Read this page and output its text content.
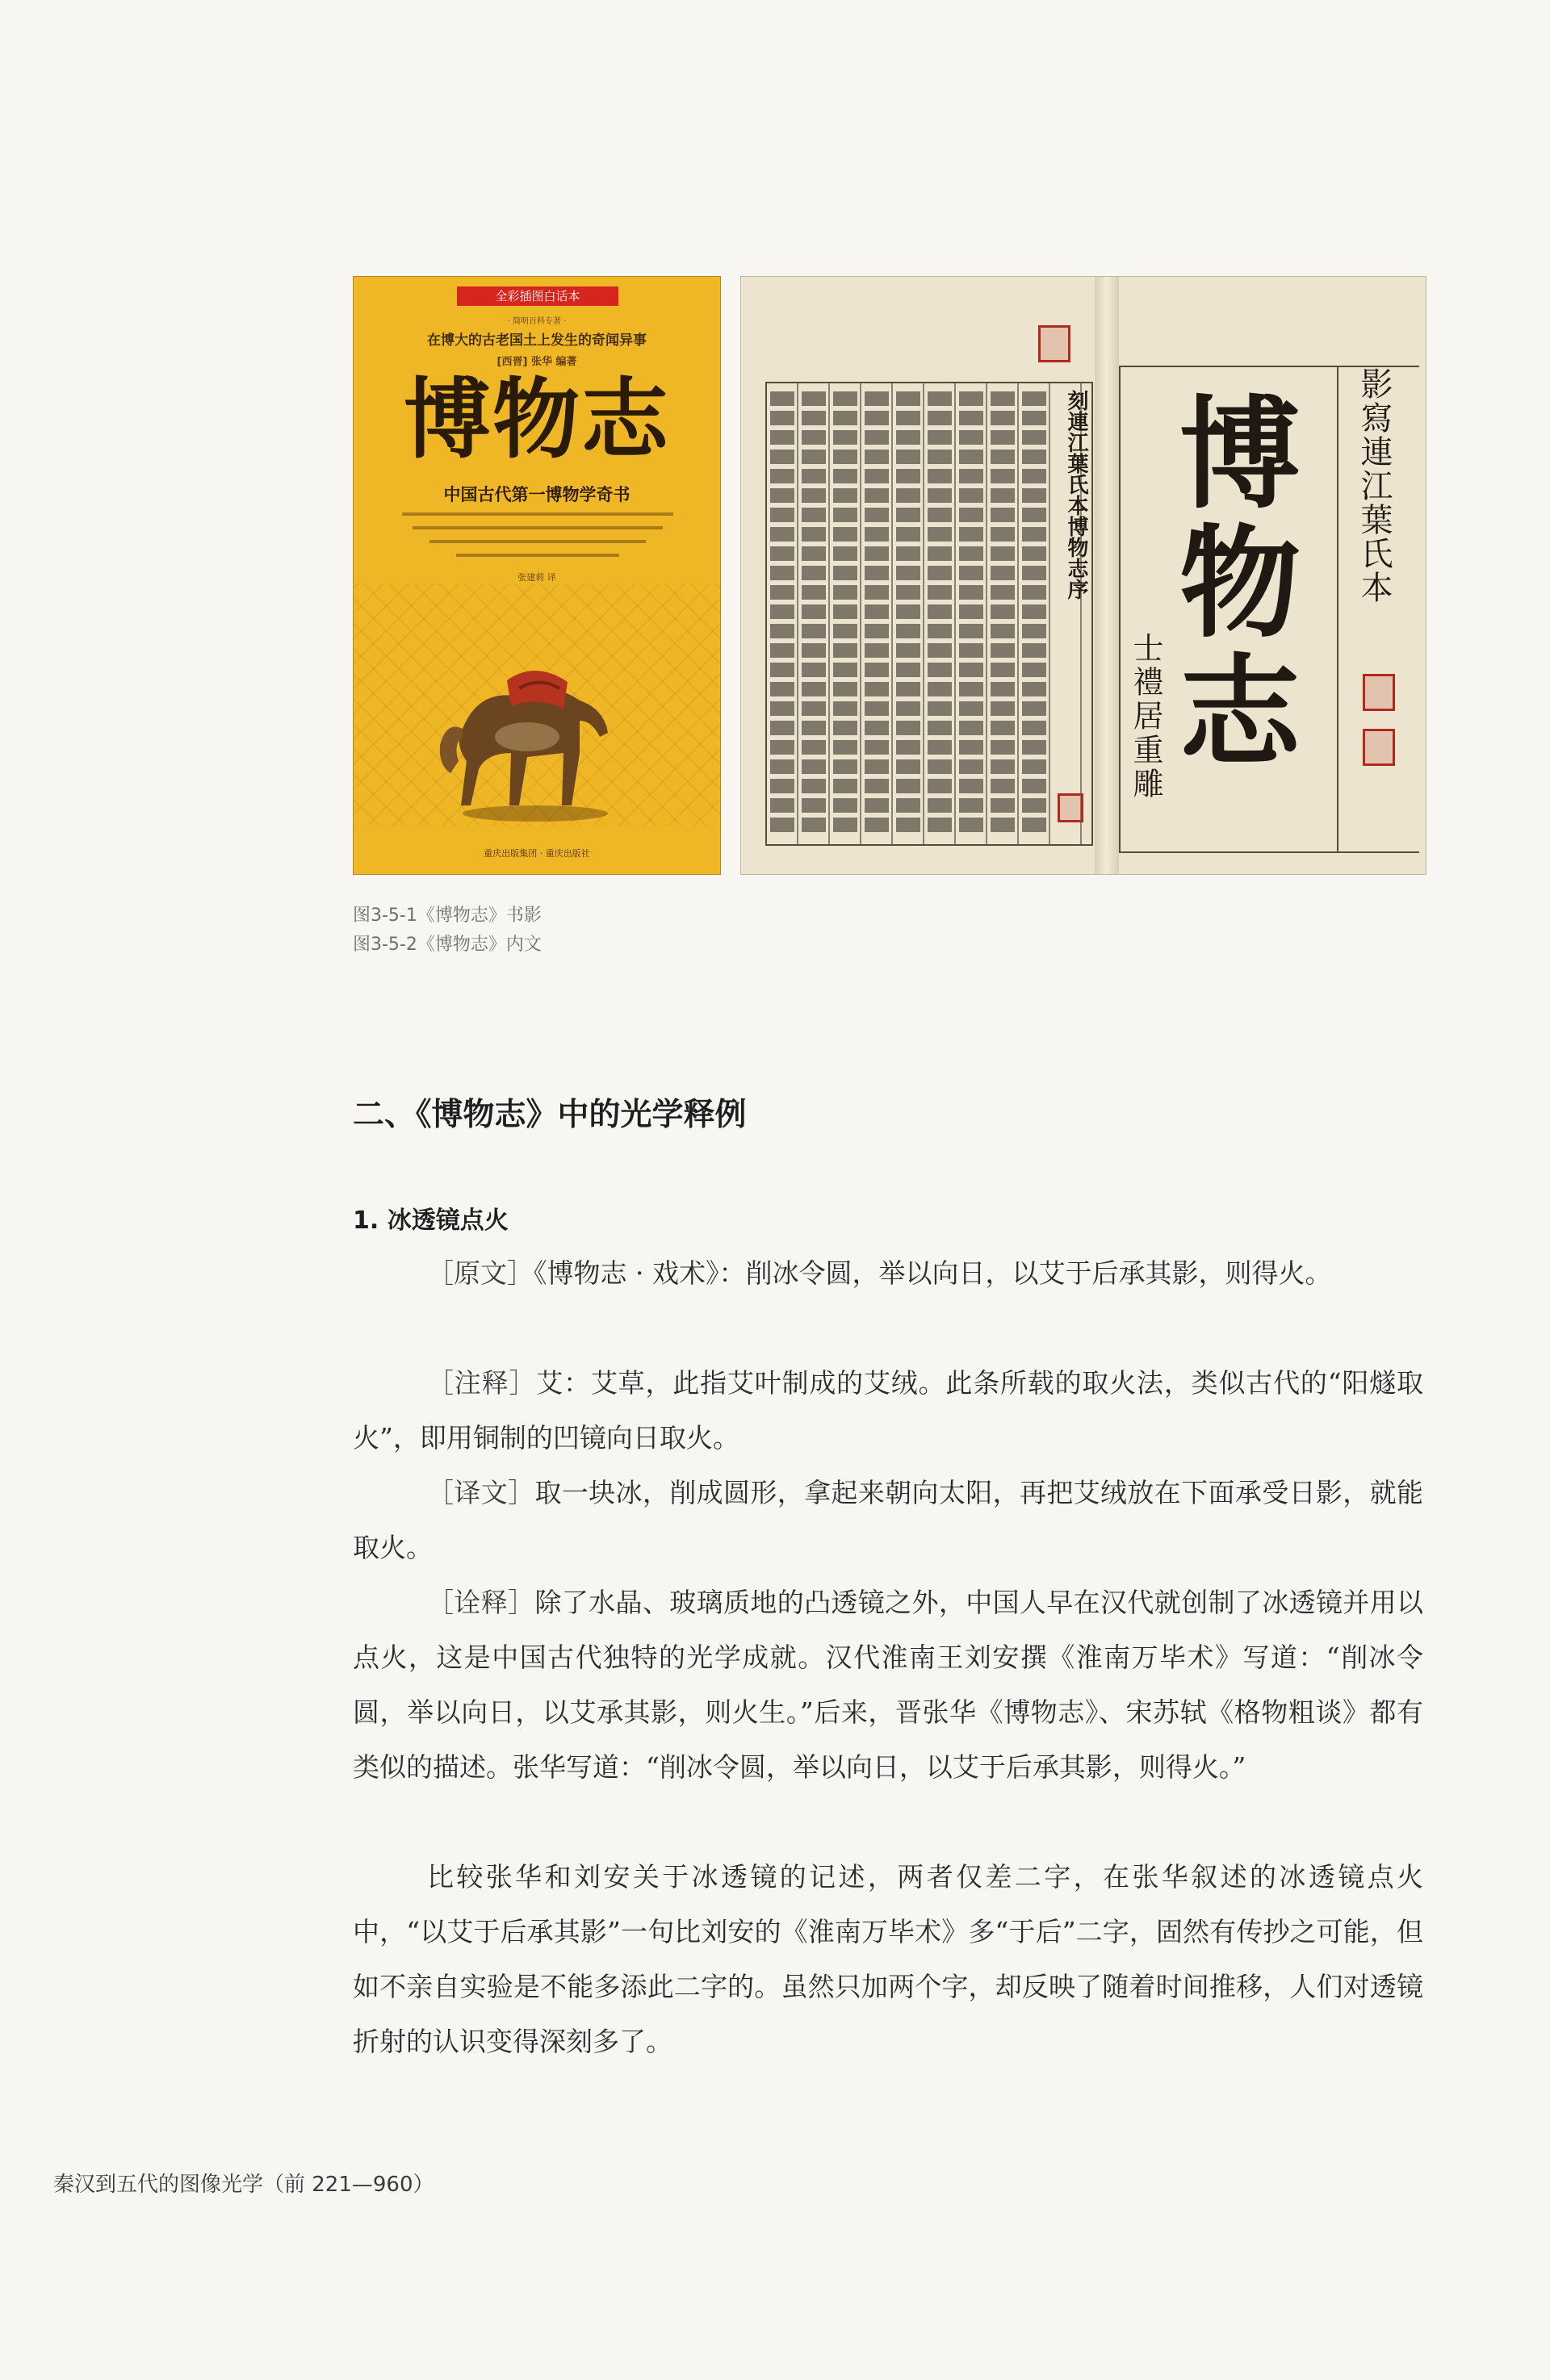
全彩插图白话本
· 简明百科专著 ·
在博大的古老国土上发生的奇闻异事
[西晋] 张华 编著
博物志
中国古代第一博物学奇书
张建莉 译
重庆出版集团 · 重庆出版社
刻連江葉氏本博物志序 博物志 影寫連江葉氏本
士禮居重雕
图3-5-1《博物志》书影
图3-5-2《博物志》内文
二、《博物志》中的光学释例
1. 冰透镜点火

［原文］《博物志 · 戏术》：削冰令圆，举以向日，以艾于后承其影，则得火。

［注释］艾：艾草，此指艾叶制成的艾绒。此条所载的取火法，类似古代的“阳燧取火”，即用铜制的凹镜向日取火。

［译文］取一块冰，削成圆形，拿起来朝向太阳，再把艾绒放在下面承受日影，就能取火。

［诠释］除了水晶、玻璃质地的凸透镜之外，中国人早在汉代就创制了冰透镜并用以点火，这是中国古代独特的光学成就。汉代淮南王刘安撰《淮南万毕术》写道：“削冰令圆，举以向日，以艾承其影，则火生。”后来，晋张华《博物志》、宋苏轼《格物粗谈》都有类似的描述。张华写道：“削冰令圆，举以向日，以艾于后承其影，则得火。”

比较张华和刘安关于冰透镜的记述，两者仅差二字，在张华叙述的冰透镜点火中，“以艾于后承其影”一句比刘安的《淮南万毕术》多“于后”二字，固然有传抄之可能，但如不亲自实验是不能多添此二字的。虽然只加两个字，却反映了随着时间推移，人们对透镜折射的认识变得深刻多了。

秦汉到五代的图像光学（前 221—960）
